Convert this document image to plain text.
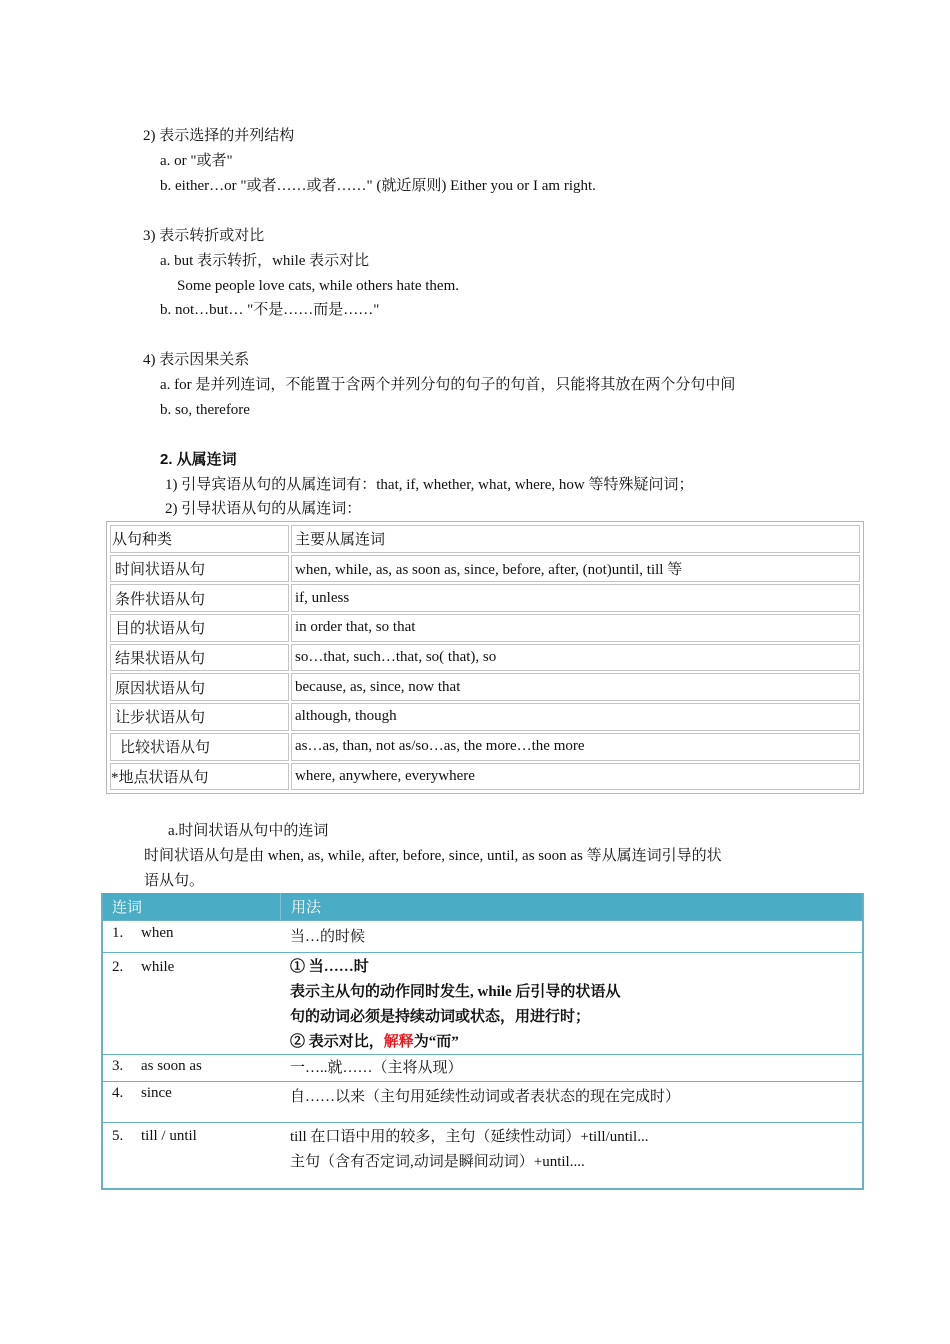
2) 表示选择的并列结构
a. or "或者"
b. either…or "或者……或者……" (就近原则) Either you or I am right.
3) 表示转折或对比
a. but 表示转折，while 表示对比
Some people love cats, while others hate them.
b. not…but… "不是……而是……"
4) 表示因果关系
a. for 是并列连词，不能置于含两个并列分句的句子的句首，只能将其放在两个分句中间
b. so, therefore
2. 从属连词
1) 引导宾语从句的从属连词有：that, if, whether, what, where, how 等特殊疑问词；
2) 引导状语从句的从属连词：
从句种类	主要从属连词
时间状语从句	when, while, as, as soon as, since, before, after, (not)until, till 等
条件状语从句	if, unless
目的状语从句	in order that, so that
结果状语从句	so…that, such…that, so( that), so
原因状语从句	because, as, since, now that
让步状语从句	although, though
比较状语从句	as…as, than, not as/so…as, the more…the more
*地点状语从句	where, anywhere, everywhere
a.时间状语从句中的连词
时间状语从句是由 when, as, while, after, before, since, until, as soon as 等从属连词引导的状
语从句。
连词	用法
1. when	当…的时候
2. while	① 当……时
表示主从句的动作同时发生, while 后引导的状语从
句的动词必须是持续动词或状态，用进行时；
② 表示对比，解释为“而”
3. as soon as	一…..就……（主将从现）
4. since	自……以来（主句用延续性动词或者表状态的现在完成时）
5. till / until	till 在口语中用的较多，主句（延续性动词）+till/until...
主句（含有否定词,动词是瞬间动词）+until....
